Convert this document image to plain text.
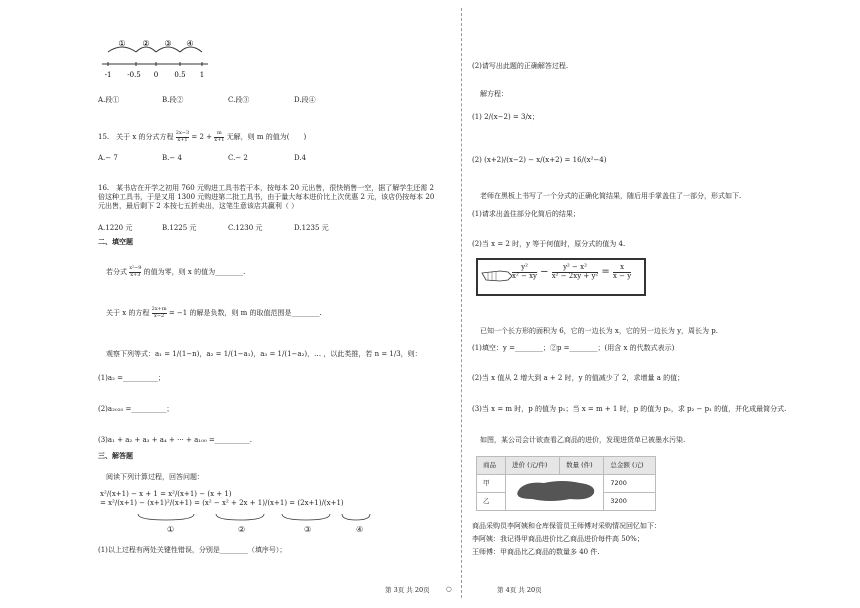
① ② ③ ④
-1 -0.5 0 0.5 1
A.段①	B.段②	C.段③	D.段④
15.　关于 x 的分式方程 $\frac{2x-3}{x+1} = 2 + \frac{m}{x+1}$ 无解，则 m 的值为(　　)
A.− 7	B.− 4	C.− 2	D.4
16.　某书店在开学之初用 760 元购进工具书若干本，按每本 20 元出售，很快销售一空，据了解学生还需 2 倍这种工具书，于是又用 1300 元购进第二批工具书，由于量大每本进价比上次优惠 2 元，该店仍按每本 20 元出售，最后剩下 2 本按七五折卖出，这笔生意该店共赢利（ ）
A.1220 元	B.1225 元	C.1230 元	D.1235 元
二、填空题
若分式 $\frac{\text{x²−9}}{x+3}$ 的值为零，则 x 的值为________.
关于 x 的方程 $\frac{2x+m}{x-2} = -1$ 的解是负数，则 m 的取值范围是________.
观察下列等式：a₁ = 1/(1−n)，a₂ = 1/(1−a₁)，a₃ = 1/(1−a₂)，… ，以此类推，若 n = 1/3，则：
(1)a₂ =__________；
(2)a₂₀₂₀ =__________；
(3)a₁ + a₂ + a₃ + a₄ + ··· + a₁₀₀ =__________.
三、解答题
阅读下列计算过程，回答问题：
x²/(x+1) − x + 1 = x²/(x+1) − (x + 1)
= x²/(x+1) − (x+1)²/(x+1) = (x² − x² + 2x + 1)/(x+1) = (2x+1)/(x+1)
①	②	③	④
(1)以上过程有两处关键性错误，分别是________（填序号）；
(2)请写出此题的正确解答过程.
解方程：
(1) 2/(x−2) = 3/x；
(2) (x+2)/(x−2) − x/(x+2) = 16/(x²−4)
老师在黑板上书写了一个分式的正确化简结果，随后用手掌盖住了一部分，形式如下.
(1)请求出盖住部分化简后的结果；
(2)当 x = 2 时，y 等于何值时，原分式的值为 4.
$\frac{\text{y²}}{\text{x² − xy}} - \frac{\text{y² − x²}}{\text{x² − 2xy + y²}} = \frac{x}{x - y}$
已知一个长方形的面积为 6，它的一边长为 x，它的另一边长为 y，周长为 p.
(1)填空：y =________；②p =________；(用含 x 的代数式表示)
(2)当 x 值从 2 增大到 a + 2 时，y 的值减少了 2，求增量 a 的值；
(3)当 x = m 时，p 的值为 p₁；当 x = m + 1 时，p 的值为 p₂，求 p₂ − p₁ 的值，并化成最简分式.
如图，某公司会计欲查看乙商品的进价，发现进货单已被墨水污染.
商品	进价 (元/件)	数量 (件)	总金额 (元)
甲			7200
乙			3200
商品采购员李阿姨和仓库保管员王师傅对采购情况回忆如下：
李阿姨：我记得甲商品进价比乙商品进价每件高 50%；
王师傅：甲商品比乙商品的数量多 40 件.
第 3页 共 20页	○	第 4页 共 20页
